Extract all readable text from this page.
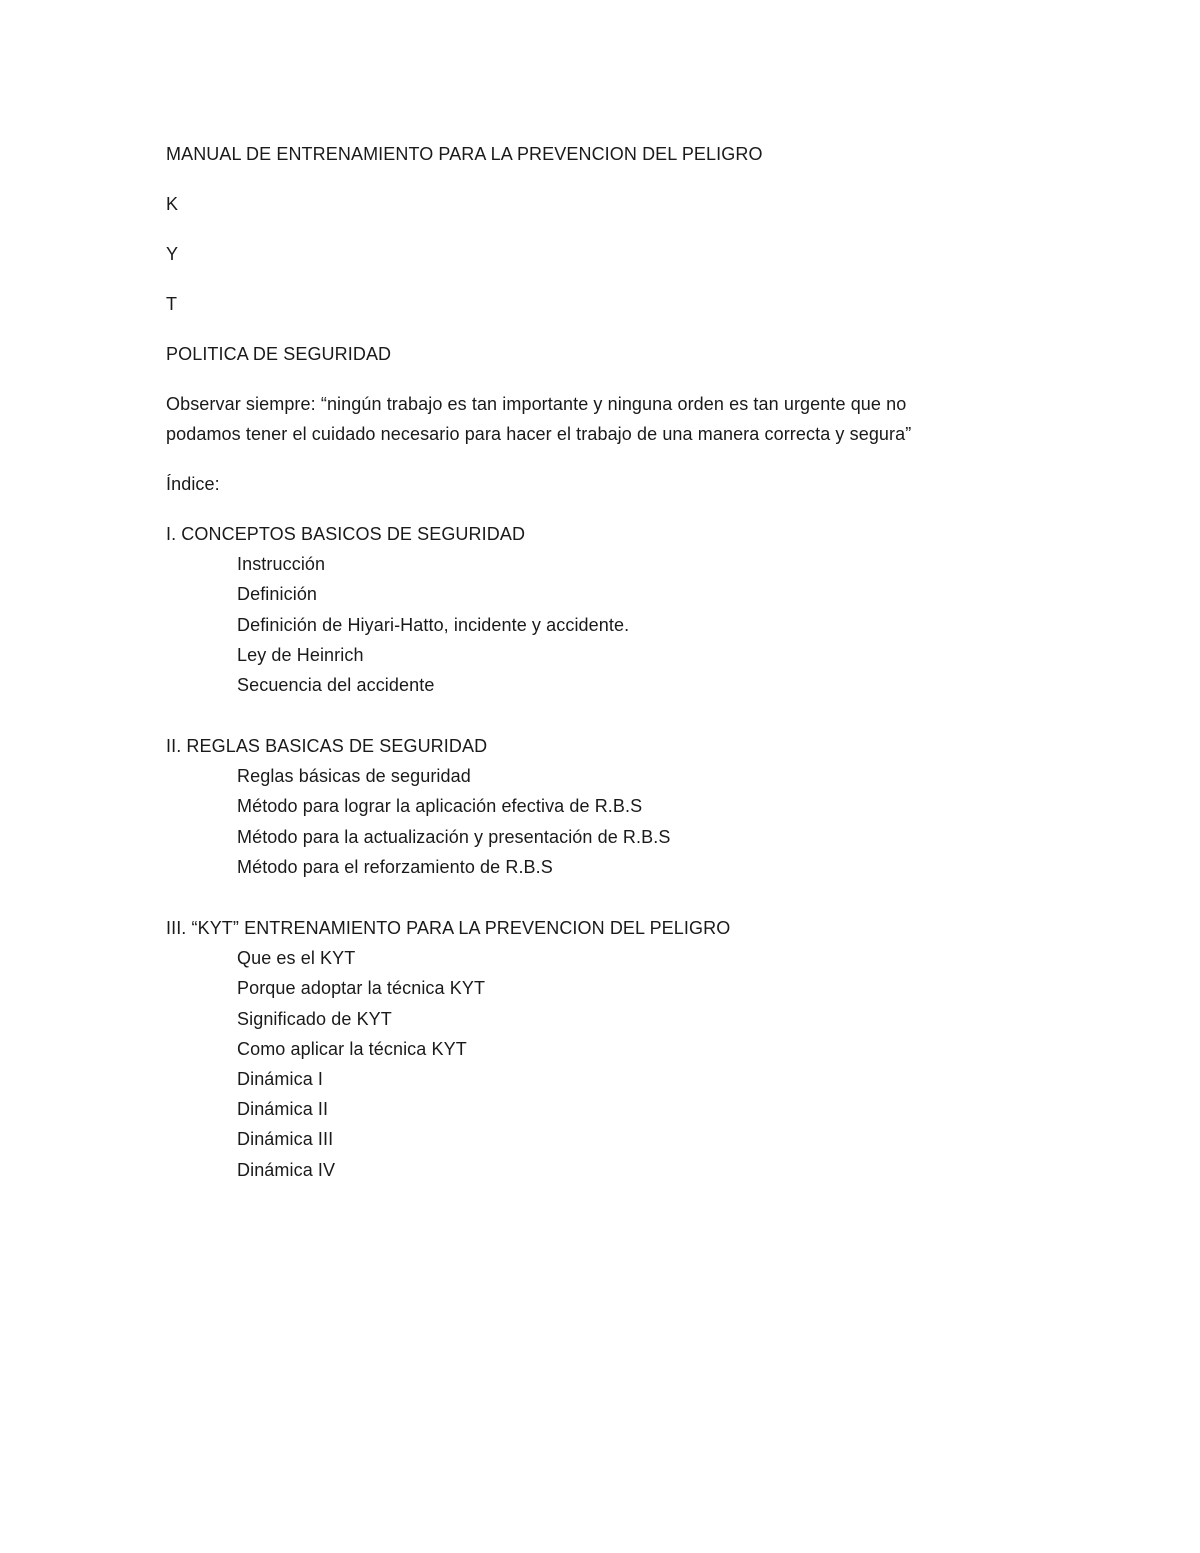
MANUAL DE ENTRENAMIENTO PARA LA PREVENCION DEL PELIGRO
K
Y
T
POLITICA DE SEGURIDAD
Observar siempre: “ningún trabajo es tan importante y ninguna orden es tan urgente que no
podamos tener el cuidado necesario para hacer el trabajo de una manera correcta y segura”
Índice:
I. CONCEPTOS BASICOS DE SEGURIDAD
Instrucción
Definición
Definición de Hiyari-Hatto, incidente y accidente.
Ley de Heinrich
Secuencia del accidente
II. REGLAS BASICAS DE SEGURIDAD
Reglas básicas de seguridad
Método para lograr la aplicación efectiva de R.B.S
Método para la actualización y presentación de R.B.S
Método para el reforzamiento de R.B.S
III. “KYT” ENTRENAMIENTO PARA LA PREVENCION DEL PELIGRO
Que es el KYT
Porque adoptar la técnica KYT
Significado de KYT
Como aplicar la técnica KYT
Dinámica I
Dinámica II
Dinámica III
Dinámica IV
